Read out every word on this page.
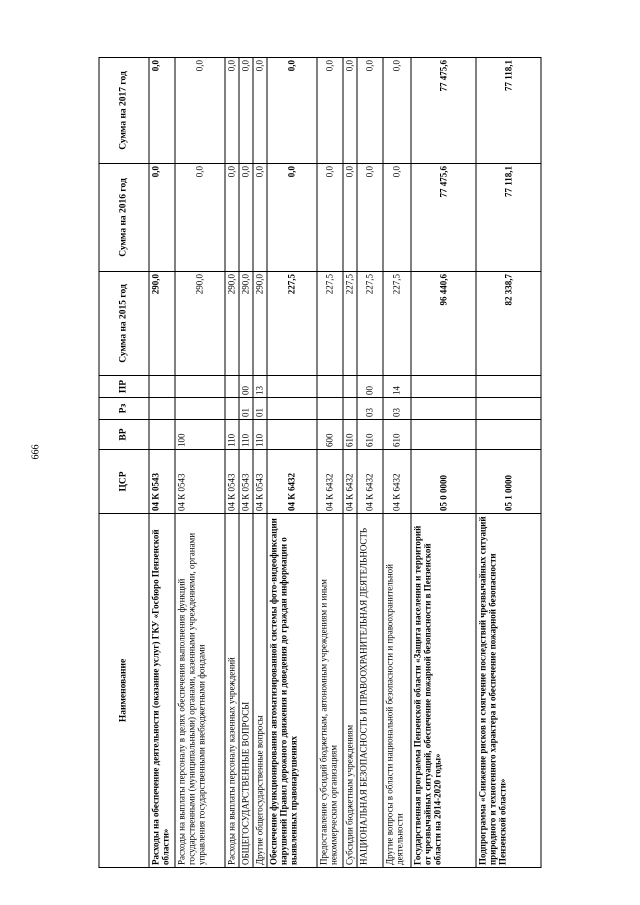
666
Наименование	ЦСР	ВР	Рз	ПР	Сумма на 2015 год	Сумма на 2016 год	Сумма на 2017 год
Расходы на обеспечение деятельности (оказание услуг) ГКУ «Госбюро Пензенской области»	04 К 0543				290,0	0,0	0,0
Расходы на выплаты персоналу в целях обеспечения выполнения функций государственными (муниципальными) органами, казенными учреждениями, органами управления государственными внебюджетными фондами	04 К 0543	100			290,0	0,0	0,0
Расходы на выплаты персоналу казенных учреждений	04 К 0543	110			290,0	0,0	0,0
ОБЩЕГОСУДАРСТВЕННЫЕ ВОПРОСЫ	04 К 0543	110	01	00	290,0	0,0	0,0
Другие общегосударственные вопросы	04 К 0543	110	01	13	290,0	0,0	0,0
Обеспечение функционирования автоматизированной системы фото-видеофиксации нарушений Правил дорожного движения и доведения до граждан информации о выявленных правонарушениях	04 К 6432				227,5	0,0	0,0
Предоставление субсидий бюджетным, автономным учреждениям и иным некоммерческим организациям	04 К 6432	600			227,5	0,0	0,0
Субсидии бюджетным учреждениям	04 К 6432	610			227,5	0,0	0,0
НАЦИОНАЛЬНАЯ БЕЗОПАСНОСТЬ И ПРАВООХРАНИТЕЛЬНАЯ ДЕЯТЕЛЬНОСТЬ	04 К 6432	610	03	00	227,5	0,0	0,0
Другие вопросы в области национальной безопасности и правоохранительной деятельности	04 К 6432	610	03	14	227,5	0,0	0,0
Государственная программа Пензенской области «Защита населения и территорий от чрезвычайных ситуаций, обеспечение пожарной безопасности в Пензенской области на 2014-2020 годы»	05 0 0000				96 440,6	77 475,6	77 475,6
Подпрограмма «Снижение рисков и смягчение последствий чрезвычайных ситуаций природного и техногенного характера и обеспечение пожарной безопасности Пензенской области»	05 1 0000				82 338,7	77 118,1	77 118,1
